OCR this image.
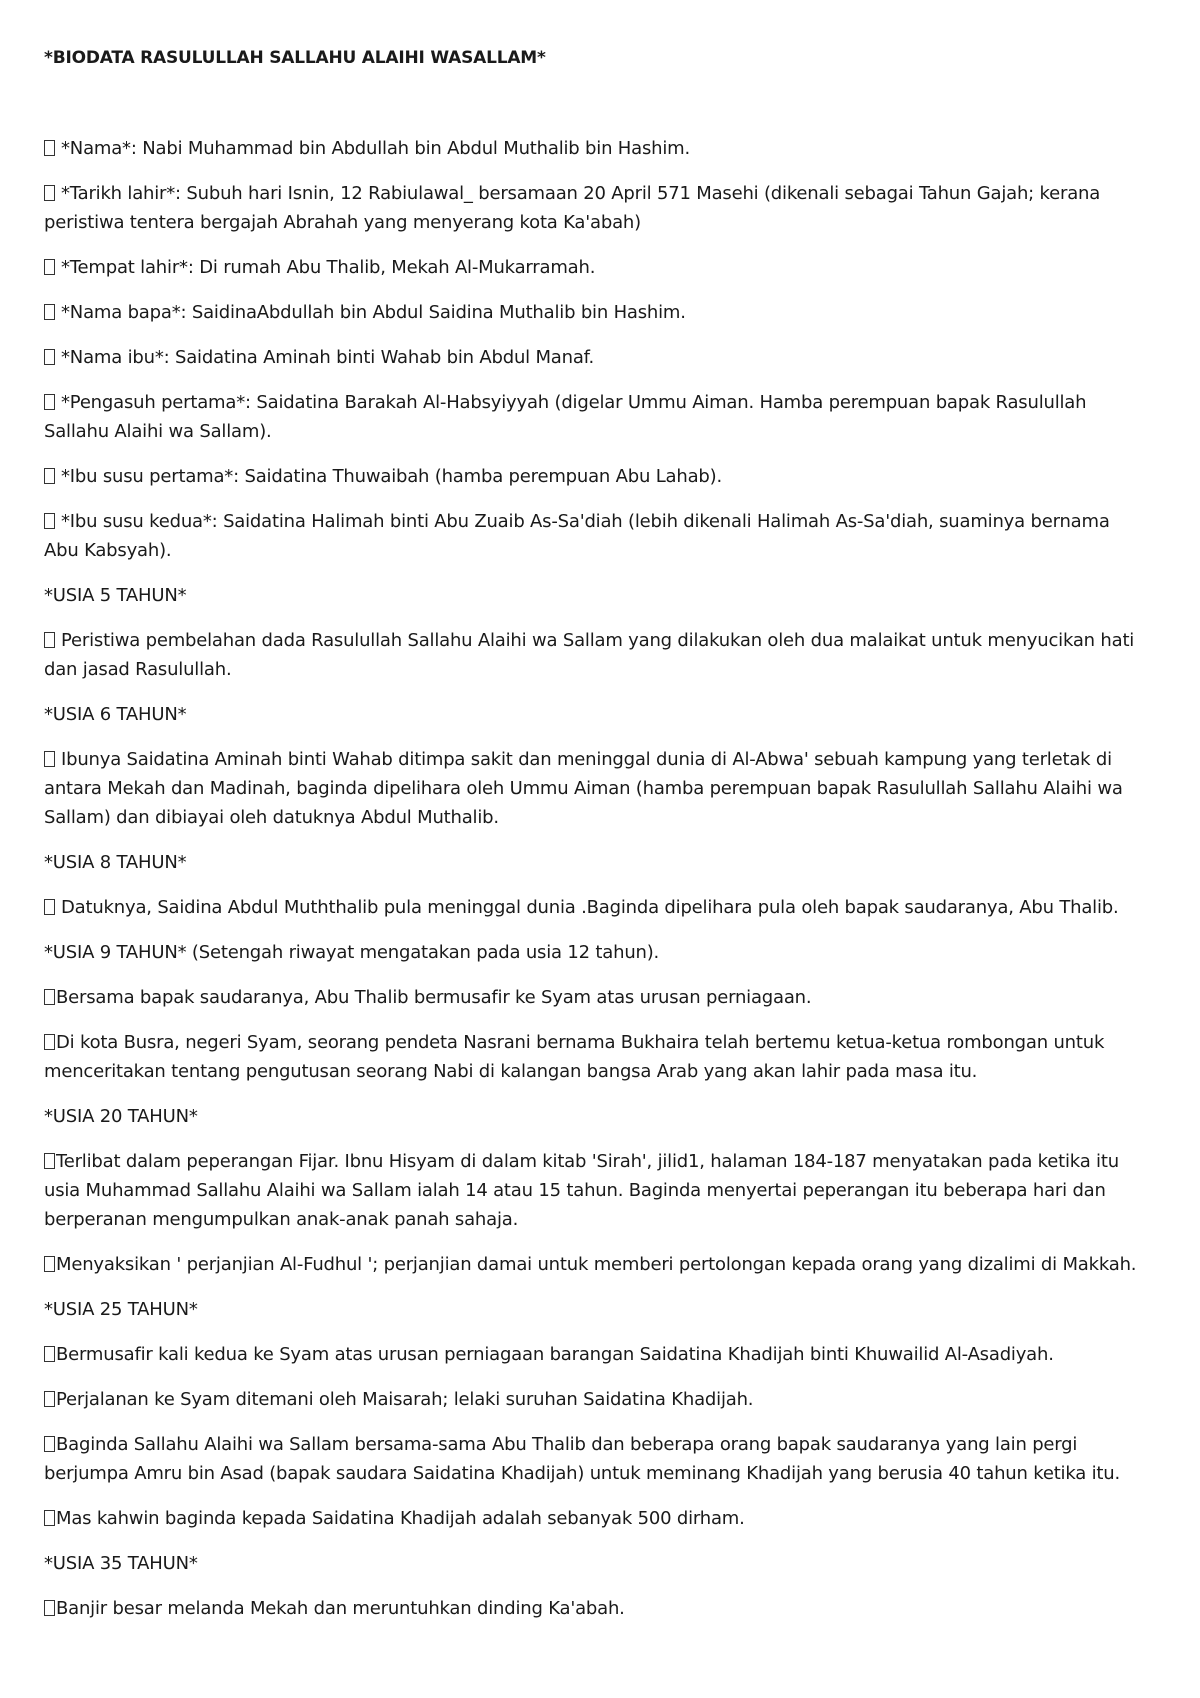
*BIODATA RASULULLAH SALLAHU ALAIHI WASALLAM*
*Nama*: Nabi Muhammad bin Abdullah bin Abdul Muthalib bin Hashim.
*Tarikh lahir*: Subuh hari Isnin, 12 Rabiulawal_ bersamaan 20 April 571 Masehi (dikenali sebagai Tahun Gajah; kerana peristiwa tentera bergajah Abrahah yang menyerang kota Ka'abah)
*Tempat lahir*: Di rumah Abu Thalib, Mekah Al-Mukarramah.
*Nama bapa*: SaidinaAbdullah bin Abdul Saidina Muthalib bin Hashim.
*Nama ibu*: Saidatina Aminah binti Wahab bin Abdul Manaf.
*Pengasuh pertama*: Saidatina Barakah Al-Habsyiyyah (digelar Ummu Aiman. Hamba perempuan bapak Rasulullah Sallahu Alaihi wa Sallam).
*Ibu susu pertama*: Saidatina Thuwaibah (hamba perempuan Abu Lahab).
*Ibu susu kedua*: Saidatina Halimah binti Abu Zuaib As-Sa'diah (lebih dikenali Halimah As-Sa'diah, suaminya bernama Abu Kabsyah).
*USIA 5 TAHUN*
Peristiwa pembelahan dada Rasulullah Sallahu Alaihi wa Sallam yang dilakukan oleh dua malaikat untuk menyucikan hati dan jasad Rasulullah.
*USIA 6 TAHUN*
Ibunya Saidatina Aminah binti Wahab ditimpa sakit dan meninggal dunia di Al-Abwa' sebuah kampung yang terletak di antara Mekah dan Madinah, baginda dipelihara oleh Ummu Aiman (hamba perempuan bapak Rasulullah Sallahu Alaihi wa Sallam) dan dibiayai oleh datuknya Abdul Muthalib.
*USIA 8 TAHUN*
Datuknya, Saidina Abdul Muththalib pula meninggal dunia .Baginda dipelihara pula oleh bapak saudaranya, Abu Thalib.
*USIA 9 TAHUN* (Setengah riwayat mengatakan pada usia 12 tahun).
Bersama bapak saudaranya, Abu Thalib bermusafir ke Syam atas urusan perniagaan.
Di kota Busra, negeri Syam, seorang pendeta Nasrani bernama Bukhaira telah bertemu ketua-ketua rombongan untuk menceritakan tentang pengutusan seorang Nabi di kalangan bangsa Arab yang akan lahir pada masa itu.
*USIA 20 TAHUN*
Terlibat dalam peperangan Fijar. Ibnu Hisyam di dalam kitab 'Sirah', jilid1, halaman 184-187 menyatakan pada ketika itu usia Muhammad Sallahu Alaihi wa Sallam ialah 14 atau 15 tahun. Baginda menyertai peperangan itu beberapa hari dan berperanan mengumpulkan anak-anak panah sahaja.
Menyaksikan ' perjanjian Al-Fudhul '; perjanjian damai untuk memberi pertolongan kepada orang yang dizalimi di Makkah.
*USIA 25 TAHUN*
Bermusafir kali kedua ke Syam atas urusan perniagaan barangan Saidatina Khadijah binti Khuwailid Al-Asadiyah.
Perjalanan ke Syam ditemani oleh Maisarah; lelaki suruhan Saidatina Khadijah.
Baginda Sallahu Alaihi wa Sallam bersama-sama Abu Thalib dan beberapa orang bapak saudaranya yang lain pergi berjumpa Amru bin Asad (bapak saudara Saidatina Khadijah) untuk meminang Khadijah yang berusia 40 tahun ketika itu.
Mas kahwin baginda kepada Saidatina Khadijah adalah sebanyak 500 dirham.
*USIA 35 TAHUN*
Banjir besar melanda Mekah dan meruntuhkan dinding Ka'abah.
